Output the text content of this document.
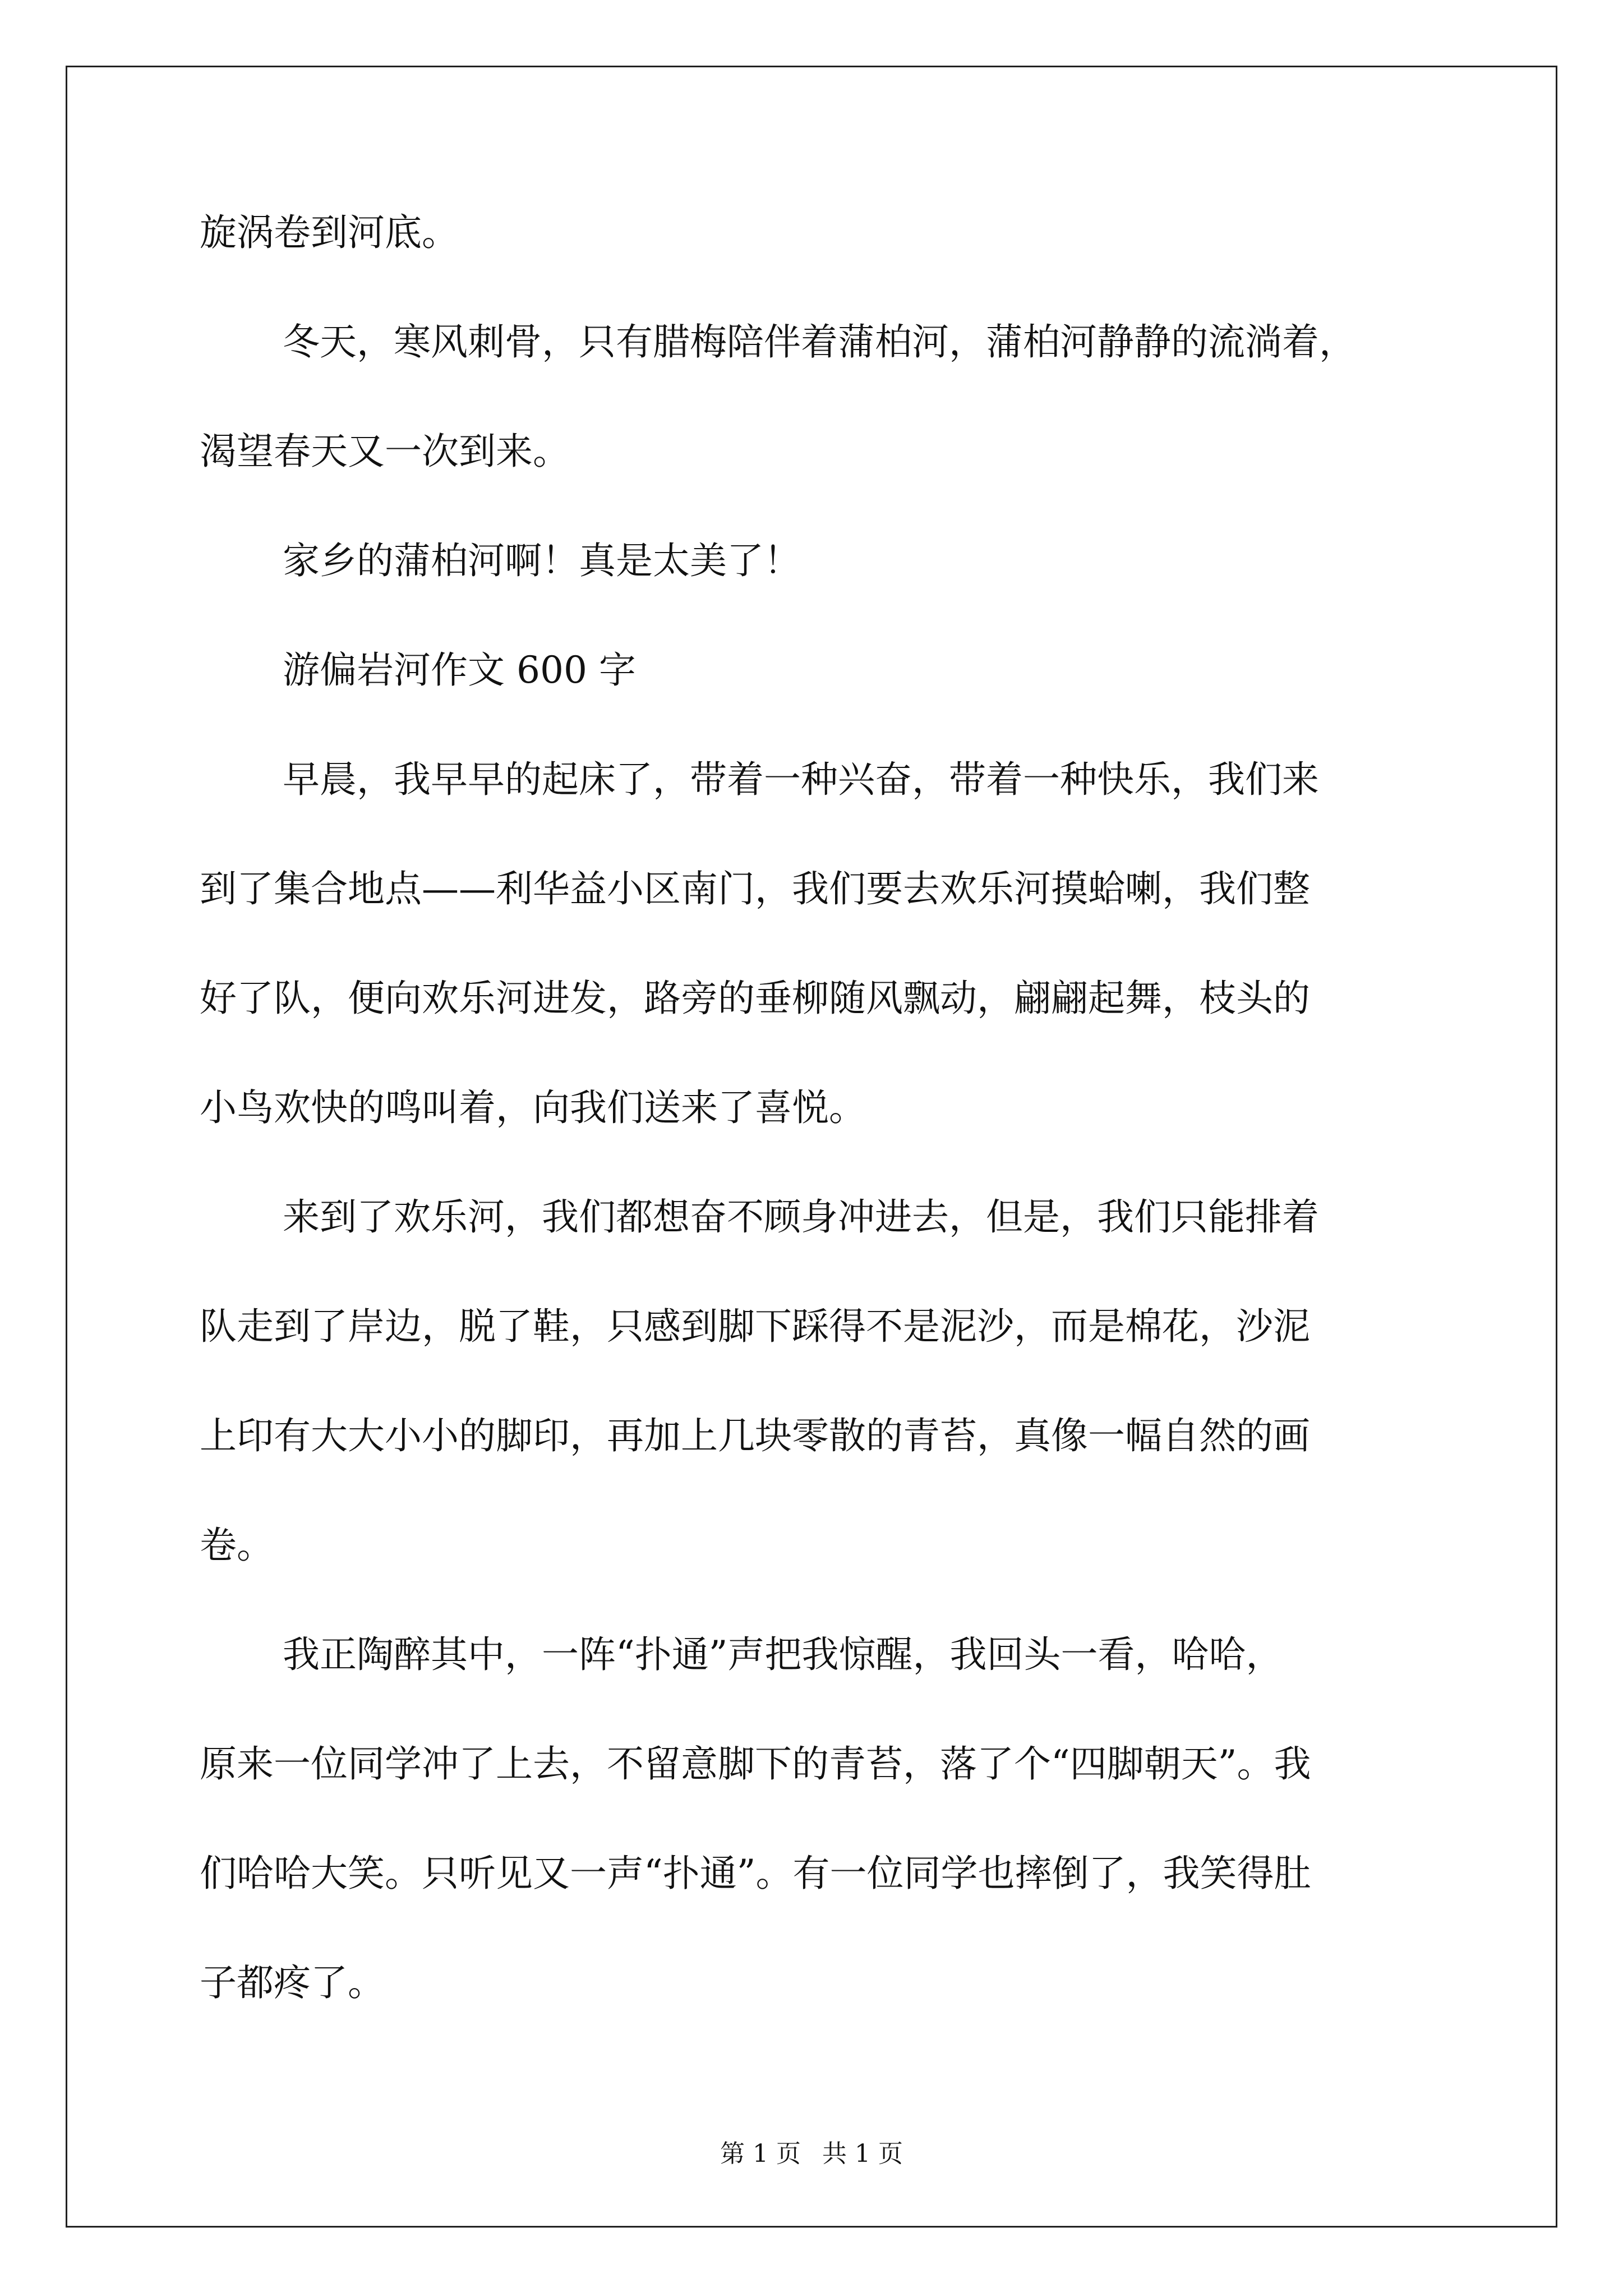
旋涡卷到河底。
冬天，寒风刺骨，只有腊梅陪伴着蒲柏河，蒲柏河静静的流淌着，
渴望春天又一次到来。
家乡的蒲柏河啊！真是太美了！
游偏岩河作文 600 字
早晨，我早早的起床了，带着一种兴奋，带着一种快乐，我们来
到了集合地点——利华益小区南门，我们要去欢乐河摸蛤喇，我们整
好了队，便向欢乐河进发，路旁的垂柳随风飘动，翩翩起舞，枝头的
小鸟欢快的鸣叫着，向我们送来了喜悦。
来到了欢乐河，我们都想奋不顾身冲进去，但是，我们只能排着
队走到了岸边，脱了鞋，只感到脚下踩得不是泥沙，而是棉花，沙泥
上印有大大小小的脚印，再加上几块零散的青苔，真像一幅自然的画
卷。
我正陶醉其中，一阵“扑通”声把我惊醒，我回头一看，哈哈，
原来一位同学冲了上去，不留意脚下的青苔，落了个“四脚朝天”。我
们哈哈大笑。只听见又一声“扑通”。有一位同学也摔倒了，我笑得肚
子都疼了。
第 1 页 共 1 页
